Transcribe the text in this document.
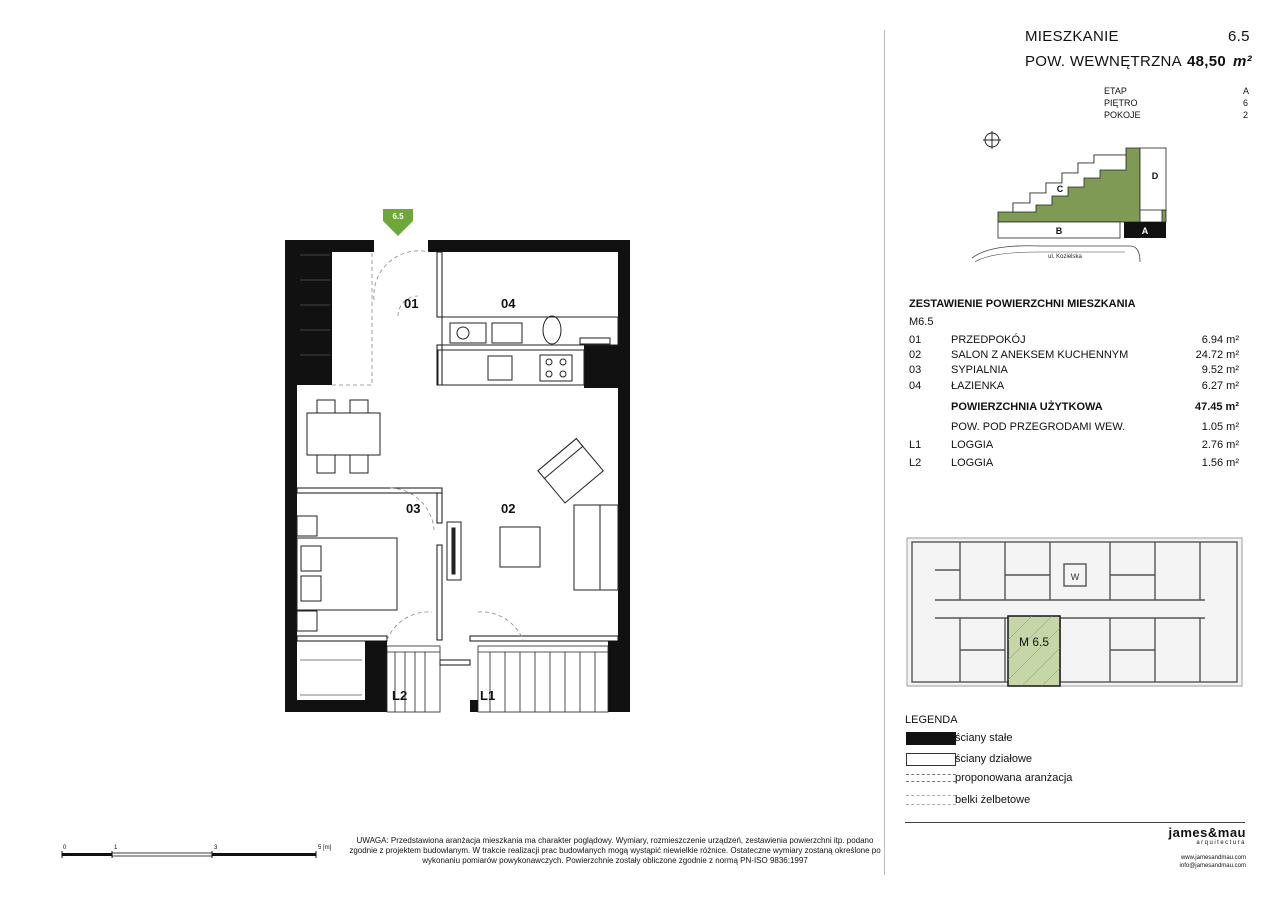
6.5
01	04
03	02
L2	L1
MIESZKANIE	6.5
POW. WEWNĘTRZNA 48,50 m²
ETAP	A
PIĘTRO	6
POKOJE	2
A
B
C
D
ul. Kozielska
ZESTAWIENIE POWIERZCHNI MIESZKANIA
M6.5
01	PRZEDPOKÓJ	6.94 m²
02	SALON Z ANEKSEM KUCHENNYM	24.72 m²
03	SYPIALNIA	9.52 m²
04	ŁAZIENKA	6.27 m²
POWIERZCHNIA UŻYTKOWA	47.45 m²
POW. POD PRZEGRODAMI WEW.	1.05 m²
L1	LOGGIA	2.76 m²
L2	LOGGIA	1.56 m²
M 6.5
W
LEGENDA
ściany stałe
ściany działowe
proponowana aranżacja
belki żelbetowe
0	1	3	5 [m]
UWAGA: Przedstawiona aranżacja mieszkania ma charakter poglądowy. Wymiary, rozmieszczenie urządzeń, zestawienia powierzchni itp. podano zgodnie z projektem budowlanym. W trakcie realizacji prac budowlanych mogą wystąpić niewielkie różnice. Ostateczne wymiary zostaną określone po wykonaniu pomiarów powykonawczych. Powierzchnie zostały obliczone zgodnie z normą PN-ISO 9836:1997
james&mau
arquitectura
www.jamesandmau.com
info@jamesandmau.com
